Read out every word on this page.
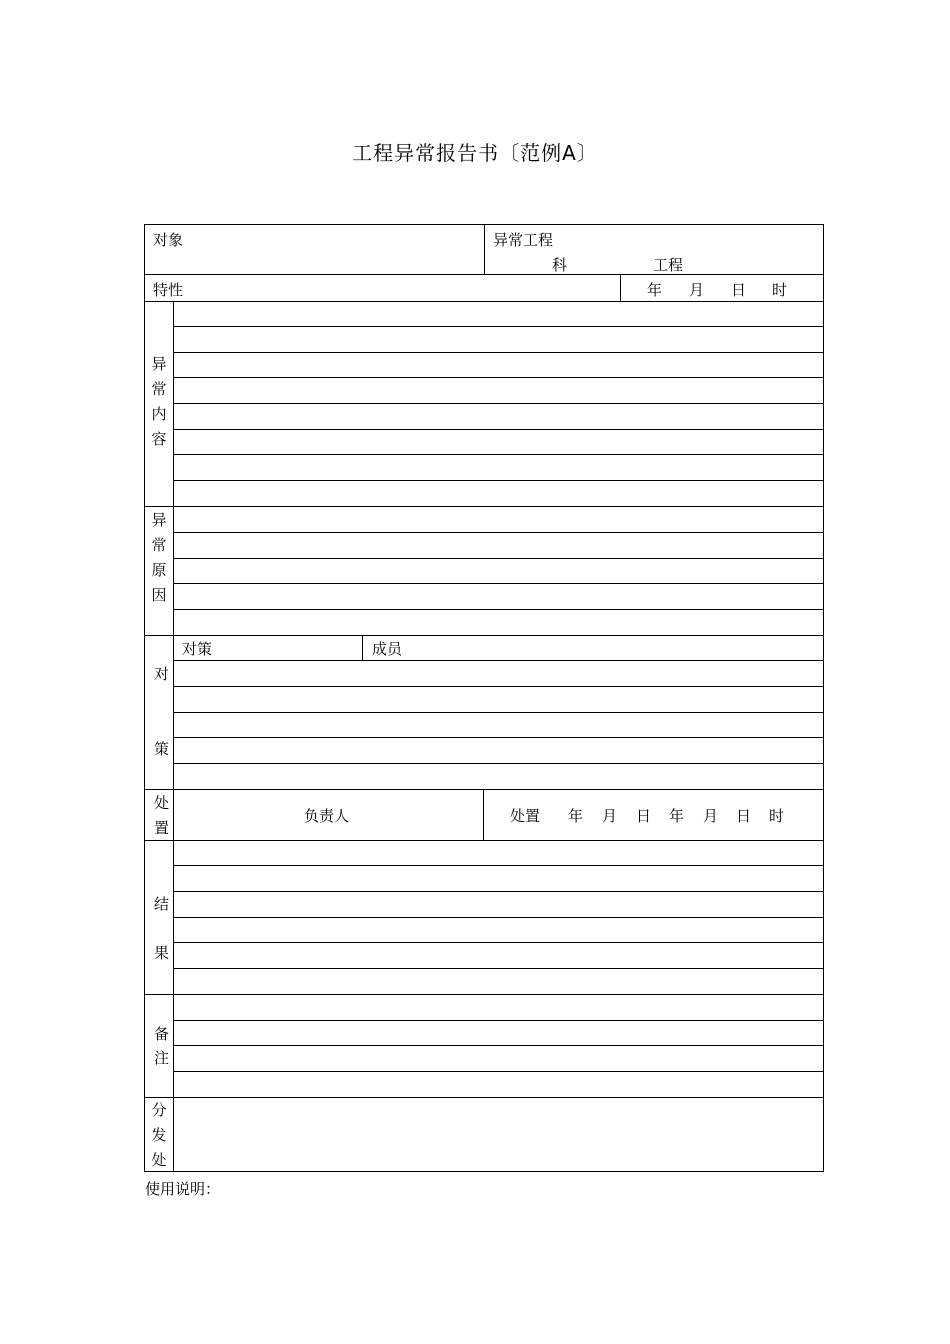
工程异常报告书〔范例A〕
对象	异常工程
科	工程
特性	年 月 日 时
异
常
内
容
异
常
原
因
对
策
对策	成员
处
置
负责人	处置 年 月 日 年 月 日 时
结
果
备
注
分
发
处
使用说明：
